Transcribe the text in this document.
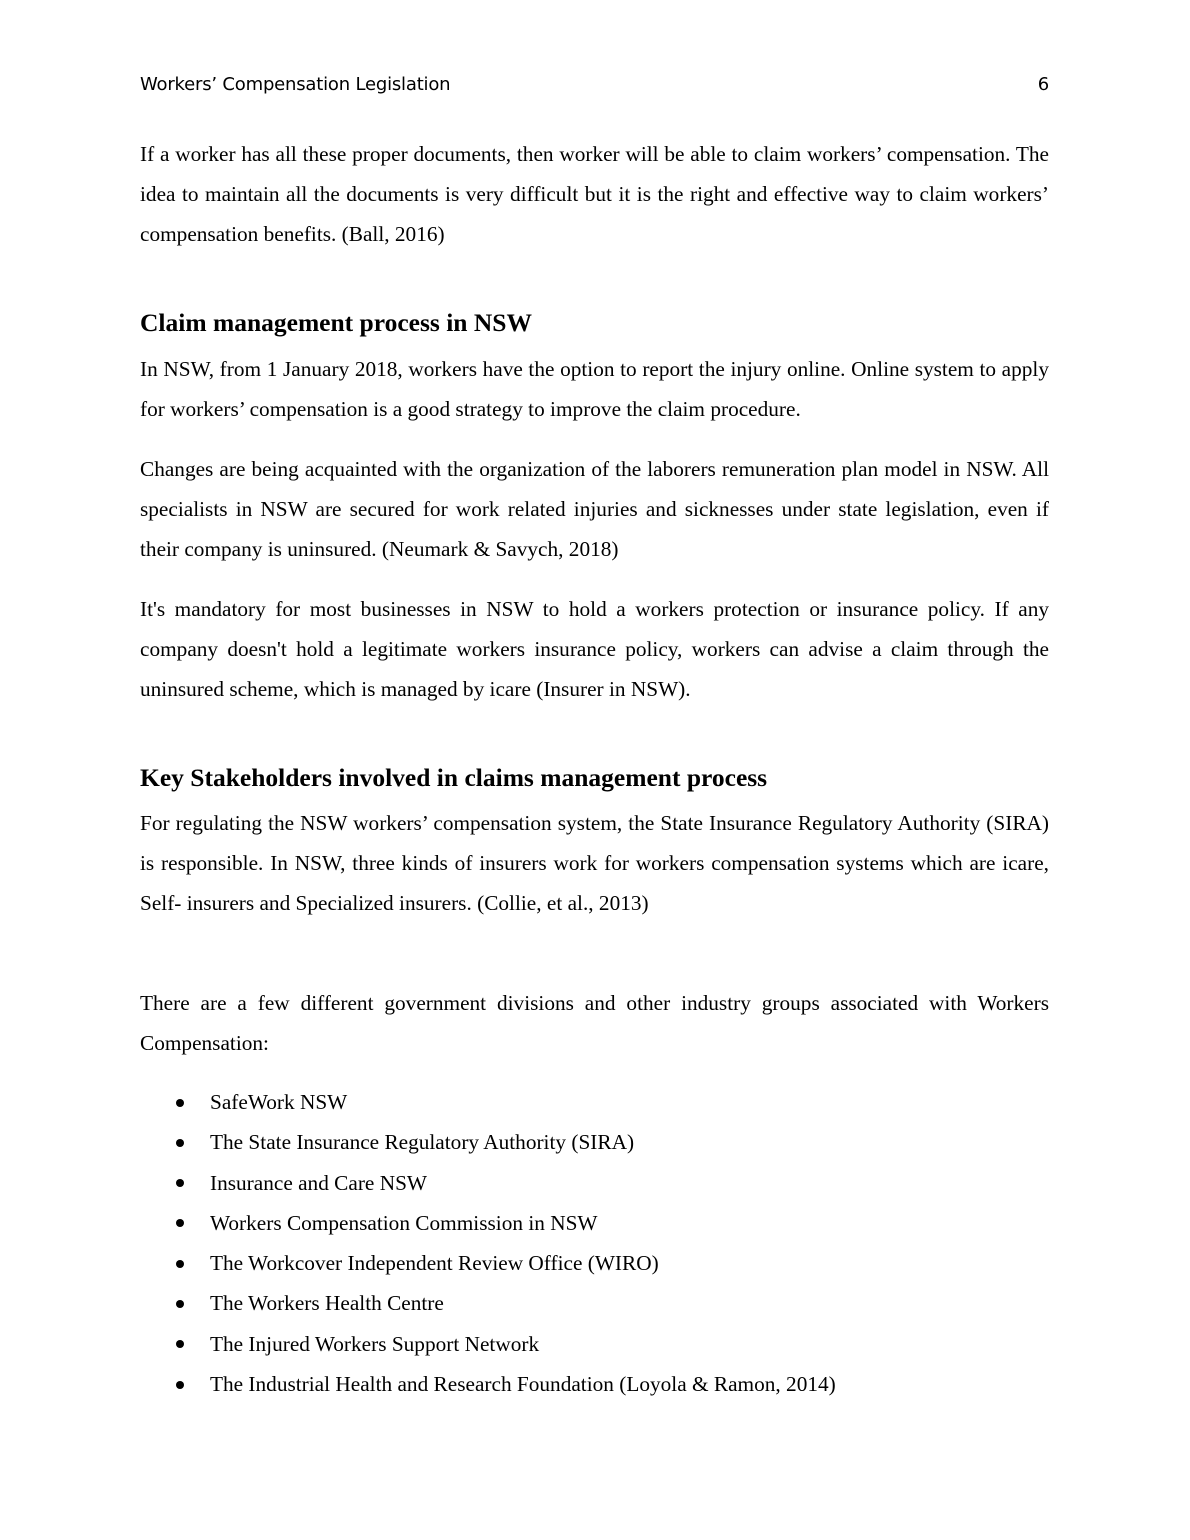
Workers’ Compensation Legislation	6

If a worker has all these proper documents, then worker will be able to claim workers’ compensation. The idea to maintain all the documents is very difficult but it is the right and effective way to claim workers’ compensation benefits. (Ball, 2016)

Claim management process in NSW

In NSW, from 1 January 2018, workers have the option to report the injury online. Online system to apply for workers’ compensation is a good strategy to improve the claim procedure.

Changes are being acquainted with the organization of the laborers remuneration plan model in NSW. All specialists in NSW are secured for work related injuries and sicknesses under state legislation, even if their company is uninsured. (Neumark & Savych, 2018)

It's mandatory for most businesses in NSW to hold a workers protection or insurance policy. If any company doesn't hold a legitimate workers insurance policy, workers can advise a claim through the uninsured scheme, which is managed by icare (Insurer in NSW).

Key Stakeholders involved in claims management process

For regulating the NSW workers’ compensation system, the State Insurance Regulatory Authority (SIRA) is responsible. In NSW, three kinds of insurers work for workers compensation systems which are icare, Self- insurers and Specialized insurers. (Collie, et al., 2013)

There are a few different government divisions and other industry groups associated with Workers Compensation:

SafeWork NSW
The State Insurance Regulatory Authority (SIRA)
Insurance and Care NSW
Workers Compensation Commission in NSW
The Workcover Independent Review Office (WIRO)
The Workers Health Centre
The Injured Workers Support Network
The Industrial Health and Research Foundation (Loyola & Ramon, 2014)
